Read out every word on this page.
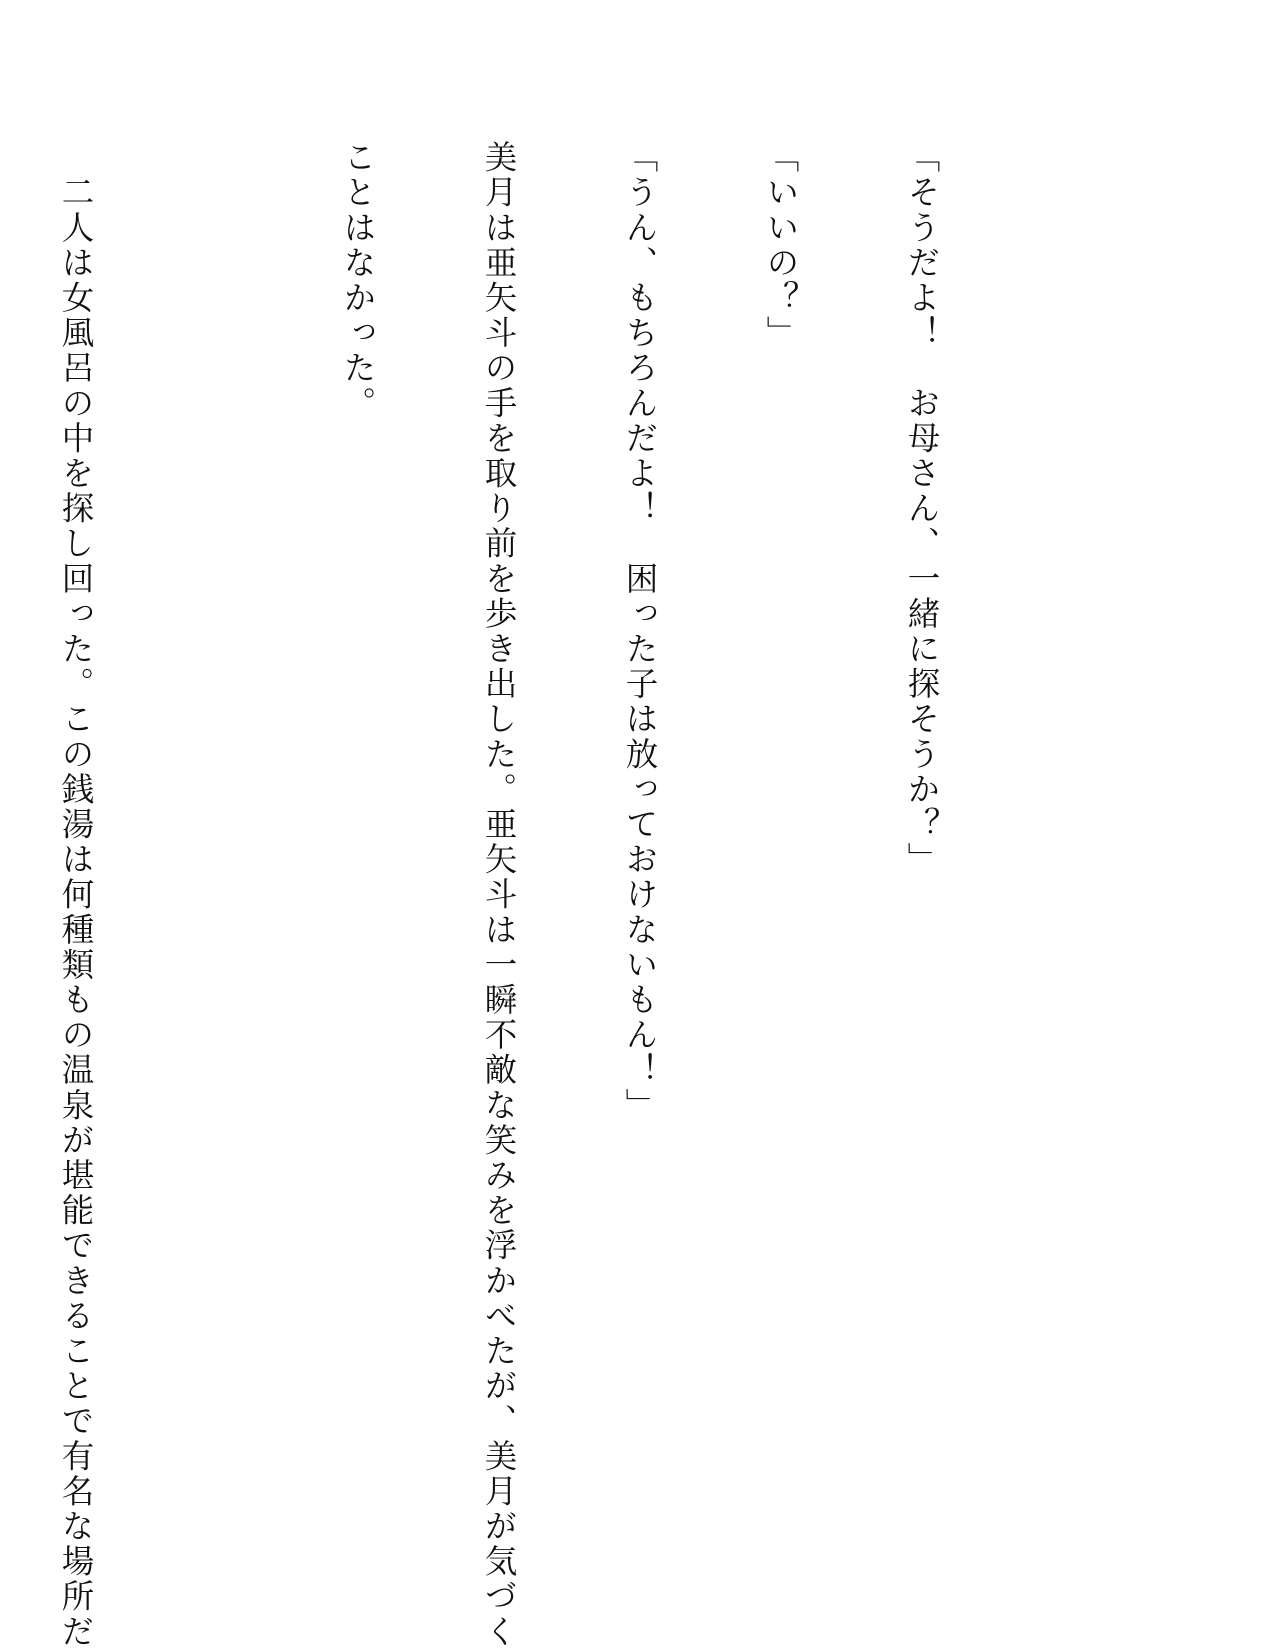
「そうだよ！　お母さん、一緒に探そうか？」

「いいの？」

「うん、もちろんだよ！　困った子は放っておけないもん！」

美月は亜矢斗の手を取り前を歩き出した。亜矢斗は一瞬不敵な笑みを浮かべたが、美月が気づく

ことはなかった。

　二人は女風呂の中を探し回った。この銭湯は何種類もの温泉が堪能できることで有名な場所だ
